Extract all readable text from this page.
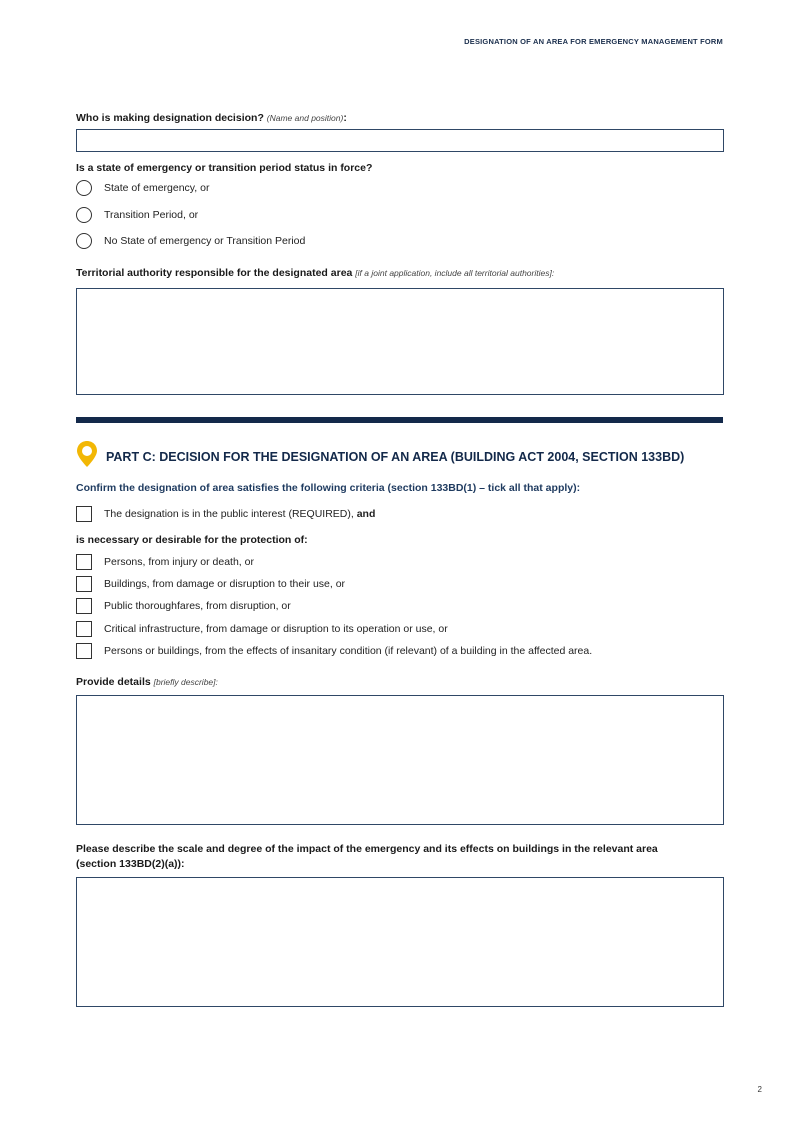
DESIGNATION OF AN AREA FOR EMERGENCY MANAGEMENT FORM
Who is making designation decision? (Name and position):
Is a state of emergency or transition period status in force?
State of emergency, or
Transition Period, or
No State of emergency or Transition Period
Territorial authority responsible for the designated area [if a joint application, include all territorial authorities]:
PART C: DECISION FOR THE DESIGNATION OF AN AREA (BUILDING ACT 2004, SECTION 133BD)
Confirm the designation of area satisfies the following criteria (section 133BD(1) – tick all that apply):
The designation is in the public interest (REQUIRED), and
is necessary or desirable for the protection of:
Persons, from injury or death, or
Buildings, from damage or disruption to their use, or
Public thoroughfares, from disruption, or
Critical infrastructure, from damage or disruption to its operation or use, or
Persons or buildings, from the effects of insanitary condition (if relevant) of a building in the affected area.
Provide details [briefly describe]:
Please describe the scale and degree of the impact of the emergency and its effects on buildings in the relevant area
(section 133BD(2)(a)):
2
